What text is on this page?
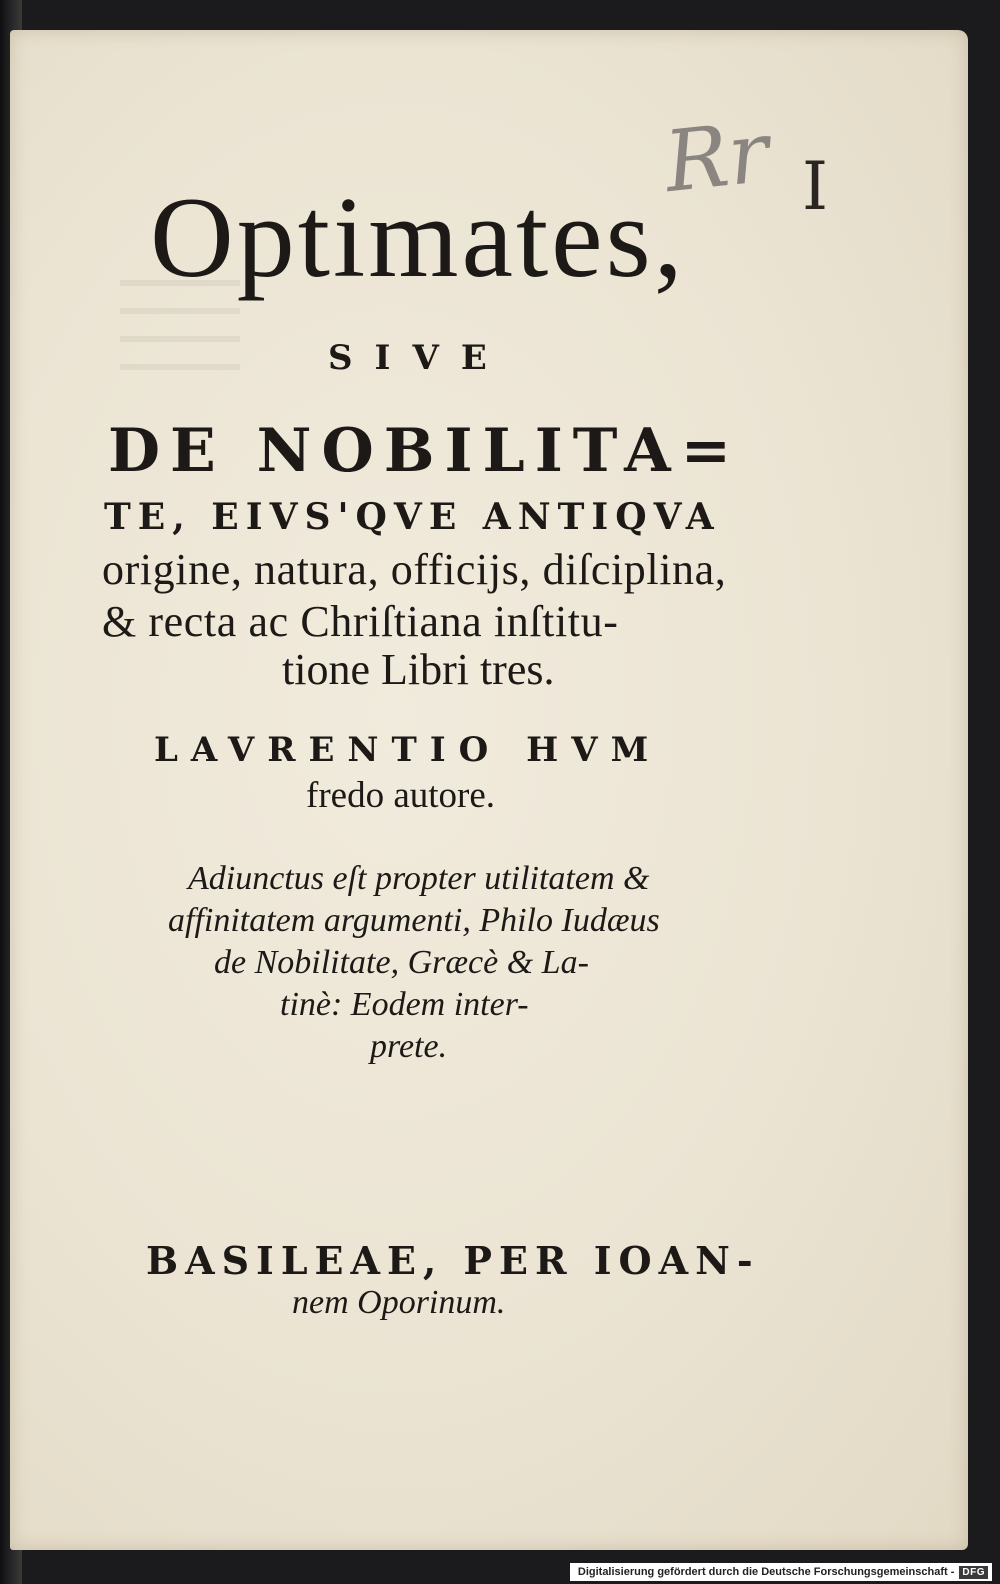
Rr I
Optimates,
SIVE
DE NOBILITA=
TE, EIVS'QVE ANTIQVA
origine, natura, officijs, diſciplina,
& recta ac Chriſtiana inſtitu-
tione Libri tres.
LAVRENTIO HVM
fredo autore.
Adiunctus eſt propter utilitatem &
affinitatem argumenti, Philo Iudæus
de Nobilitate, Græcè & La-
tinè: Eodem inter-
prete.
BASILEAE, PER IOAN-
nem Oporinum.
Digitalisierung gefördert durch die Deutsche Forschungsgemeinschaft - DFG
